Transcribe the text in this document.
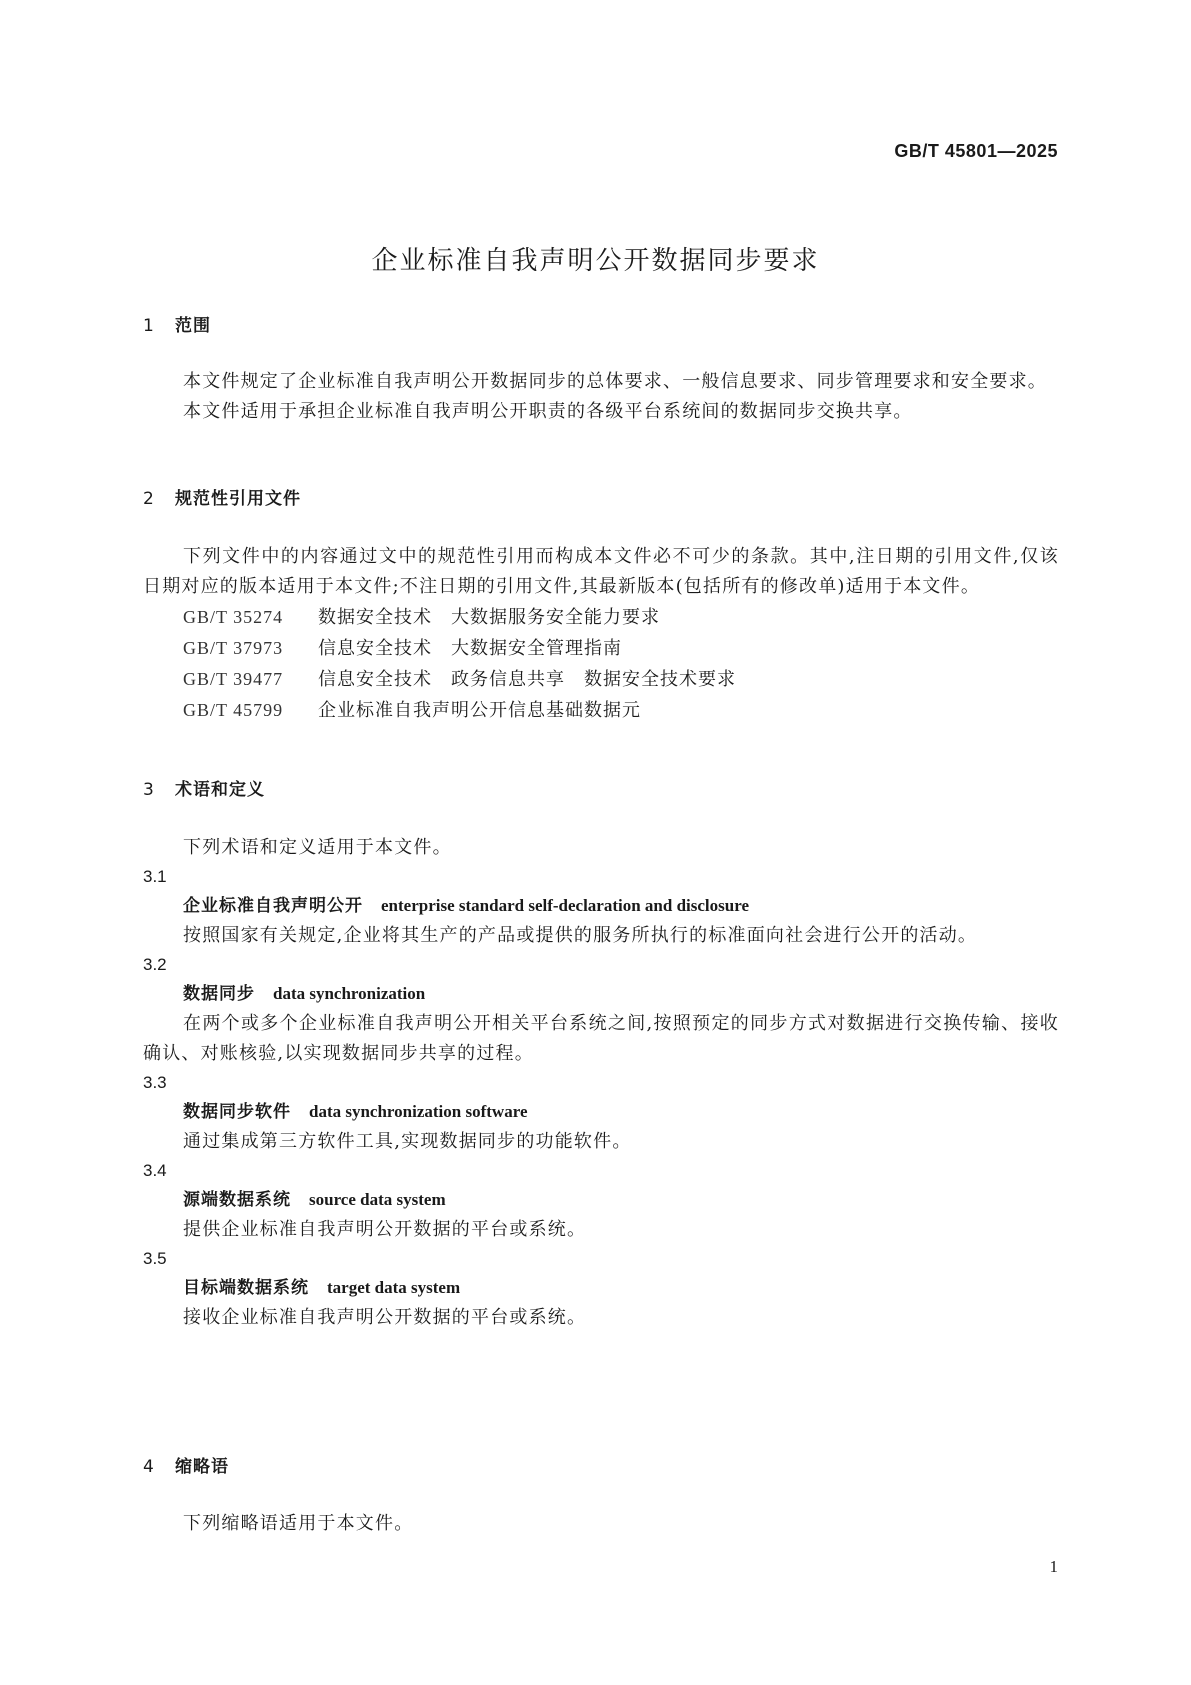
GB/T 45801—2025
企业标准自我声明公开数据同步要求
1 范围
本文件规定了企业标准自我声明公开数据同步的总体要求、一般信息要求、同步管理要求和安全要求。
本文件适用于承担企业标准自我声明公开职责的各级平台系统间的数据同步交换共享。
2 规范性引用文件
下列文件中的内容通过文中的规范性引用而构成本文件必不可少的条款。其中,注日期的引用文件,仅该日期对应的版本适用于本文件;不注日期的引用文件,其最新版本(包括所有的修改单)适用于本文件。
GB/T 35274 数据安全技术　大数据服务安全能力要求
GB/T 37973 信息安全技术　大数据安全管理指南
GB/T 39477 信息安全技术　政务信息共享　数据安全技术要求
GB/T 45799 企业标准自我声明公开信息基础数据元
3 术语和定义
下列术语和定义适用于本文件。
3.1
企业标准自我声明公开 enterprise standard self-declaration and disclosure
按照国家有关规定,企业将其生产的产品或提供的服务所执行的标准面向社会进行公开的活动。
3.2
数据同步 data synchronization
在两个或多个企业标准自我声明公开相关平台系统之间,按照预定的同步方式对数据进行交换传输、接收确认、对账核验,以实现数据同步共享的过程。
3.3
数据同步软件 data synchronization software
通过集成第三方软件工具,实现数据同步的功能软件。
3.4
源端数据系统 source data system
提供企业标准自我声明公开数据的平台或系统。
3.5
目标端数据系统 target data system
接收企业标准自我声明公开数据的平台或系统。
4 缩略语
下列缩略语适用于本文件。
1
